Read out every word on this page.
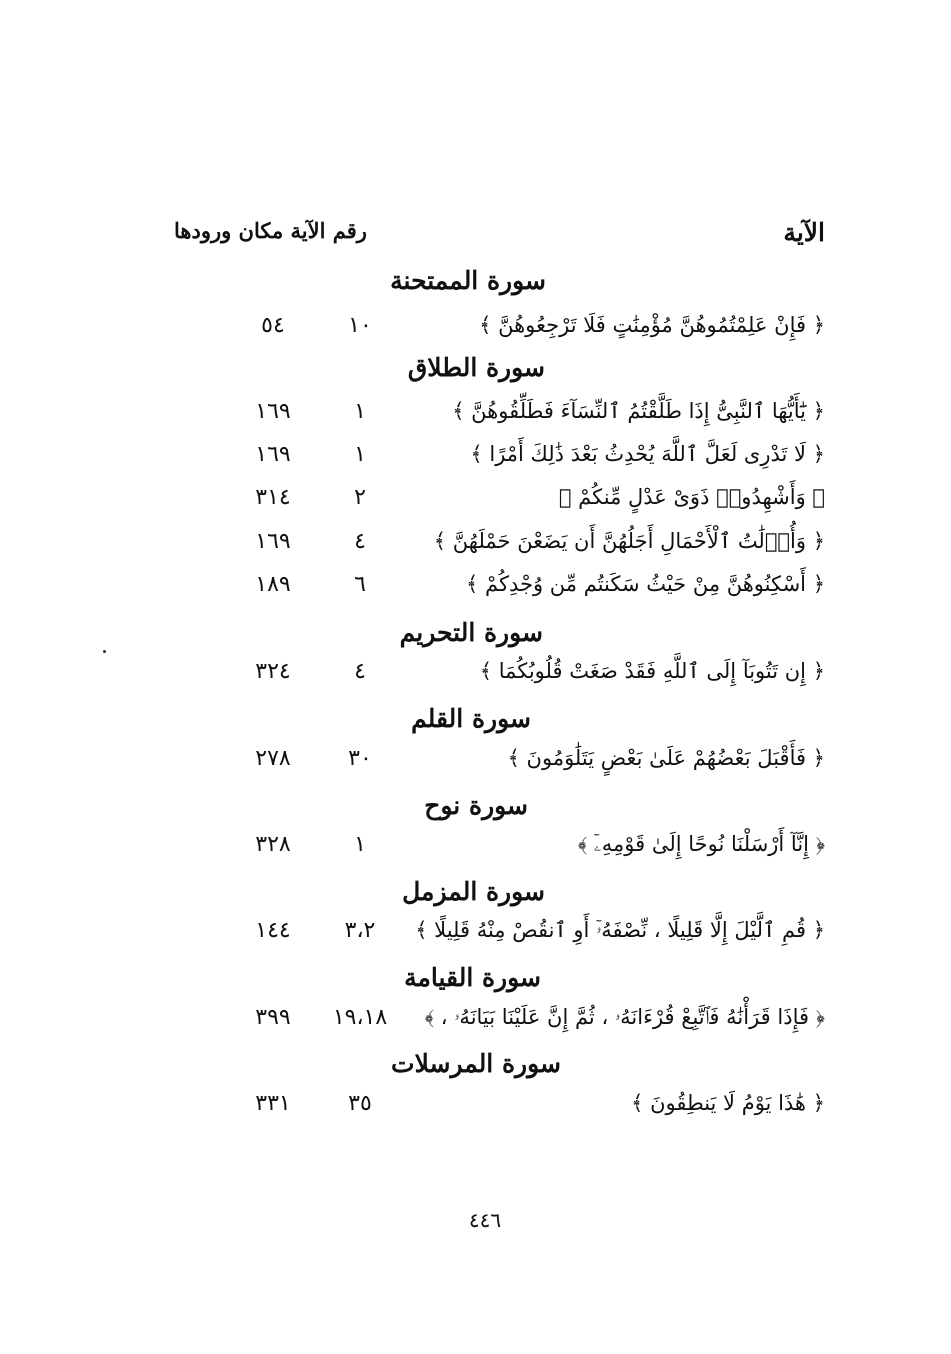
الآية
رقم الآية مكان ورودها
سورة الممتحنة
﴿ فَإِنْ عَلِمْتُمُوهُنَّ مُؤْمِنَٰتٍ فَلَا تَرْجِعُوهُنَّ ﴾
١٠
٥٤
سورة الطلاق
﴿ يَٰٓأَيُّهَا ٱلنَّبِىُّ إِذَا طَلَّقْتُمُ ٱلنِّسَآءَ فَطَلِّقُوهُنَّ ﴾
١
١٦٩
﴿ لَا تَدْرِى لَعَلَّ ٱللَّهَ يُحْدِثُ بَعْدَ ذَٰلِكَ أَمْرًا ﴾
١
١٦٩
﴿ وَأَشْهِدُوا۟ ذَوَىْ عَدْلٍ مِّنكُمْ ﴾
٢
٣١٤
﴿ وَأُو۟لَٰتُ ٱلْأَحْمَالِ أَجَلُهُنَّ أَن يَضَعْنَ حَمْلَهُنَّ ﴾
٤
١٦٩
﴿ أَسْكِنُوهُنَّ مِنْ حَيْثُ سَكَنتُم مِّن وُجْدِكُمْ ﴾
٦
١٨٩
سورة التحريم
﴿ إِن تَتُوبَآ إِلَى ٱللَّهِ فَقَدْ صَغَتْ قُلُوبُكُمَا ﴾
٤
٣٢٤
سورة القلم
﴿ فَأَقْبَلَ بَعْضُهُمْ عَلَىٰ بَعْضٍ يَتَلَٰوَمُونَ ﴾
٣٠
٢٧٨
سورة نوح
﴿ إِنَّآ أَرْسَلْنَا نُوحًا إِلَىٰ قَوْمِهِۦٓ ﴾
١
٣٢٨
سورة المزمل
﴿ قُمِ ٱلَّيْلَ إِلَّا قَلِيلًا ، نِّصْفَهُۥٓ أَوِ ٱنقُصْ مِنْهُ قَلِيلًا ﴾
٣،٢
١٤٤
سورة القيامة
﴿ فَإِذَا قَرَأْنَٰهُ فَٱتَّبِعْ قُرْءَانَهُۥ ، ثُمَّ إِنَّ عَلَيْنَا بَيَانَهُۥ ، ﴾
١٩،١٨
٣٩٩
سورة المرسلات
﴿ هَٰذَا يَوْمُ لَا يَنطِقُونَ ﴾
٣٥
٣٣١
٤٤٦
